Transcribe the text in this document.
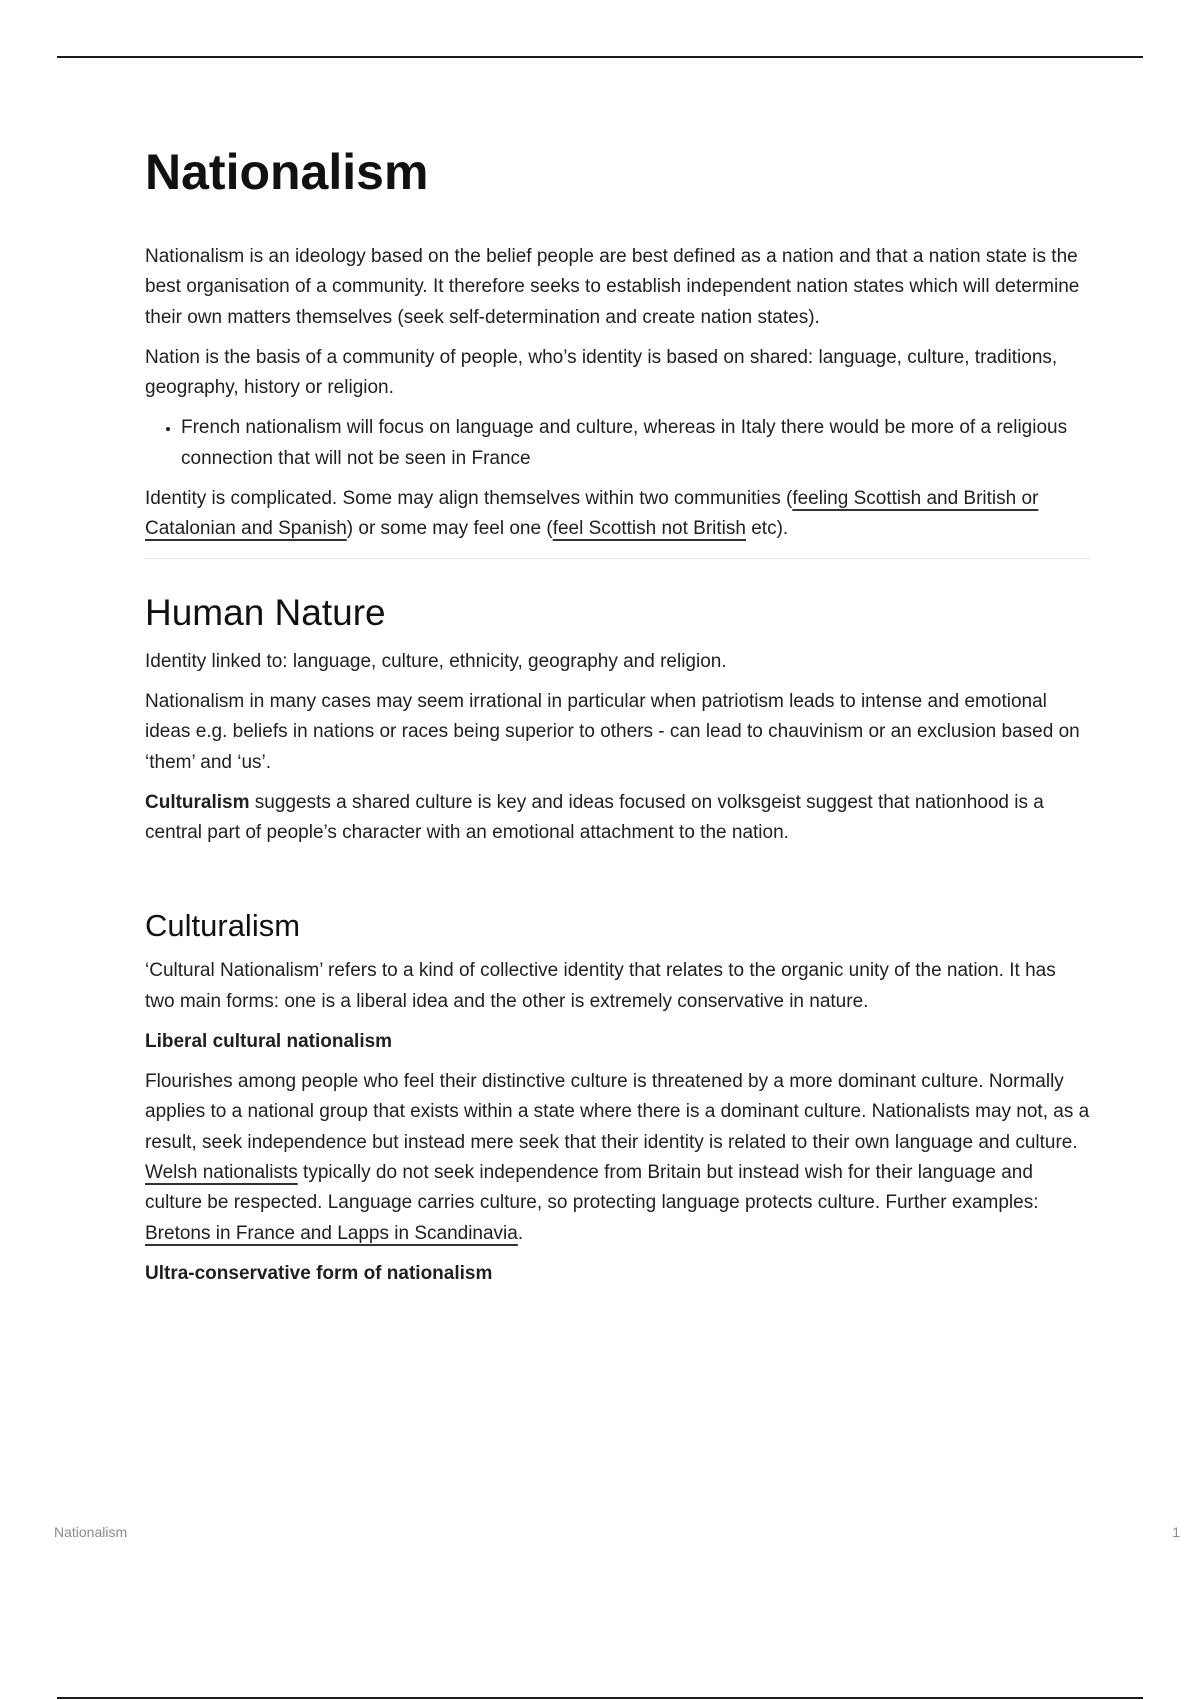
Nationalism

Nationalism is an ideology based on the belief people are best defined as a nation and that a nation state is the best organisation of a community. It therefore seeks to establish independent nation states which will determine their own matters themselves (seek self-determination and create nation states).

Nation is the basis of a community of people, who’s identity is based on shared: language, culture, traditions, geography, history or religion.

• French nationalism will focus on language and culture, whereas in Italy there would be more of a religious connection that will not be seen in France

Identity is complicated. Some may align themselves within two communities (feeling Scottish and British or Catalonian and Spanish) or some may feel one (feel Scottish not British etc).

Human Nature

Identity linked to: language, culture, ethnicity, geography and religion.

Nationalism in many cases may seem irrational in particular when patriotism leads to intense and emotional ideas e.g. beliefs in nations or races being superior to others - can lead to chauvinism or an exclusion based on ‘them’ and ‘us’.

Culturalism suggests a shared culture is key and ideas focused on volksgeist suggest that nationhood is a central part of people’s character with an emotional attachment to the nation.

Culturalism

‘Cultural Nationalism’ refers to a kind of collective identity that relates to the organic unity of the nation. It has two main forms: one is a liberal idea and the other is extremely conservative in nature.

Liberal cultural nationalism

Flourishes among people who feel their distinctive culture is threatened by a more dominant culture. Normally applies to a national group that exists within a state where there is a dominant culture. Nationalists may not, as a result, seek independence but instead mere seek that their identity is related to their own language and culture. Welsh nationalists typically do not seek independence from Britain but instead wish for their language and culture be respected. Language carries culture, so protecting language protects culture. Further examples: Bretons in France and Lapps in Scandinavia.

Ultra-conservative form of nationalism
Nationalism	1
